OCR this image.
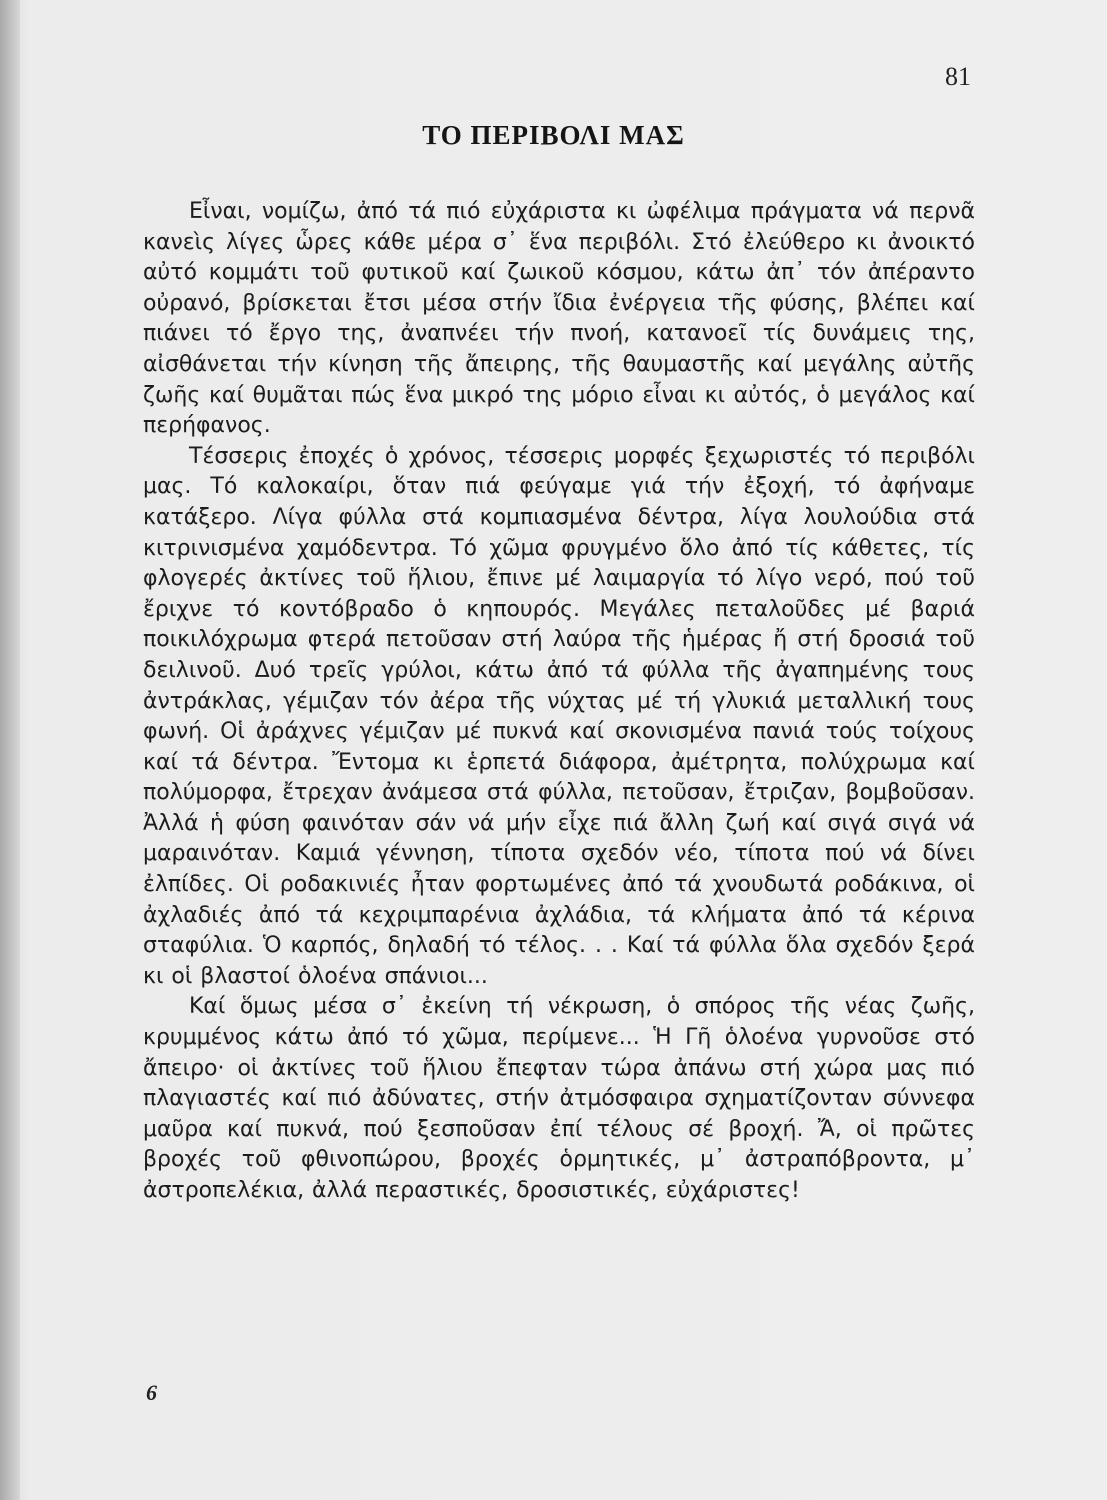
81
ΤΟ ΠΕΡΙΒΟΛΙ ΜΑΣ

Εἶναι, νομίζω, ἀπό τά πιό εὐχάριστα κι ὠφέλιμα πράγματα νά περνᾶ κανεὶς λίγες ὧρες κάθε μέρα σ᾽ ἕνα περιβόλι. Στό ἐλεύθερο κι ἀνοικτό αὐτό κομμάτι τοῦ φυτικοῦ καί ζωικοῦ κόσμου, κάτω ἀπ᾽ τόν ἀπέραντο οὐρανό, βρίσκεται ἔτσι μέσα στήν ἴδια ἐνέργεια τῆς φύσης, βλέπει καί πιάνει τό ἔργο της, ἀναπνέει τήν πνοή, κατανοεῖ τίς δυνάμεις της, αἰσθάνεται τήν κίνηση τῆς ἄπειρης, τῆς θαυμαστῆς καί μεγάλης αὐτῆς ζωῆς καί θυμᾶται πώς ἕνα μικρό της μόριο εἶναι κι αὐτός, ὁ μεγάλος καί περήφανος.

Τέσσερις ἐποχές ὁ χρόνος, τέσσερις μορφές ξεχωριστές τό περιβόλι μας. Τό καλοκαίρι, ὅταν πιά φεύγαμε γιά τήν ἐξοχή, τό ἀφήναμε κατάξερο. Λίγα φύλλα στά κομπιασμένα δέντρα, λίγα λουλούδια στά κιτρινισμένα χαμόδεντρα. Τό χῶμα φρυγμένο ὅλο ἀπό τίς κάθετες, τίς φλογερές ἀκτίνες τοῦ ἥλιου, ἔπινε μέ λαιμαργία τό λίγο νερό, πού τοῦ ἔριχνε τό κοντόβραδο ὁ κηπουρός. Μεγάλες πεταλοῦδες μέ βαριά ποικιλόχρωμα φτερά πετοῦσαν στή λαύρα τῆς ἡμέρας ἤ στή δροσιά τοῦ δειλινοῦ. Δυό τρεῖς γρύλοι, κάτω ἀπό τά φύλλα τῆς ἀγαπημένης τους ἀντράκλας, γέμιζαν τόν ἀέρα τῆς νύχτας μέ τή γλυκιά μεταλλική τους φωνή. Οἱ ἀράχνες γέμιζαν μέ πυκνά καί σκονισμένα πανιά τούς τοίχους καί τά δέντρα. Ἔντομα κι ἑρπετά διάφορα, ἀμέτρητα, πολύχρωμα καί πολύμορφα, ἔτρεχαν ἀνάμεσα στά φύλλα, πετοῦσαν, ἔτριζαν, βομβοῦσαν. Ἀλλά ἡ φύση φαινόταν σάν νά μήν εἶχε πιά ἄλλη ζωή καί σιγά σιγά νά μαραινόταν. Καμιά γέννηση, τίποτα σχεδόν νέο, τίποτα πού νά δίνει ἐλπίδες. Οἱ ροδακινιές ἦταν φορτωμένες ἀπό τά χνουδωτά ροδάκινα, οἱ ἀχλαδιές ἀπό τά κεχριμπαρένια ἀχλάδια, τά κλήματα ἀπό τά κέρινα σταφύλια. Ὁ καρπός, δηλαδή τό τέλος. . . Καί τά φύλλα ὅλα σχεδόν ξερά κι οἱ βλαστοί ὁλοένα σπάνιοι...

Καί ὅμως μέσα σ᾽ ἐκείνη τή νέκρωση, ὁ σπόρος τῆς νέας ζωῆς, κρυμμένος κάτω ἀπό τό χῶμα, περίμενε... Ἡ Γῆ ὁλοένα γυρνοῦσε στό ἄπειρο· οἱ ἀκτίνες τοῦ ἥλιου ἔπεφταν τώρα ἀπάνω στή χώρα μας πιό πλαγιαστές καί πιό ἀδύνατες, στήν ἀτμόσφαιρα σχηματίζονταν σύννεφα μαῦρα καί πυκνά, πού ξεσποῦσαν ἐπί τέλους σέ βροχή. Ἄ, οἱ πρῶτες βροχές τοῦ φθινοπώρου, βροχές ὁρμητικές, μ᾽ ἀστραπόβροντα, μ᾽ ἀστροπελέκια, ἀλλά περαστικές, δροσιστικές, εὐχάριστες!

6
